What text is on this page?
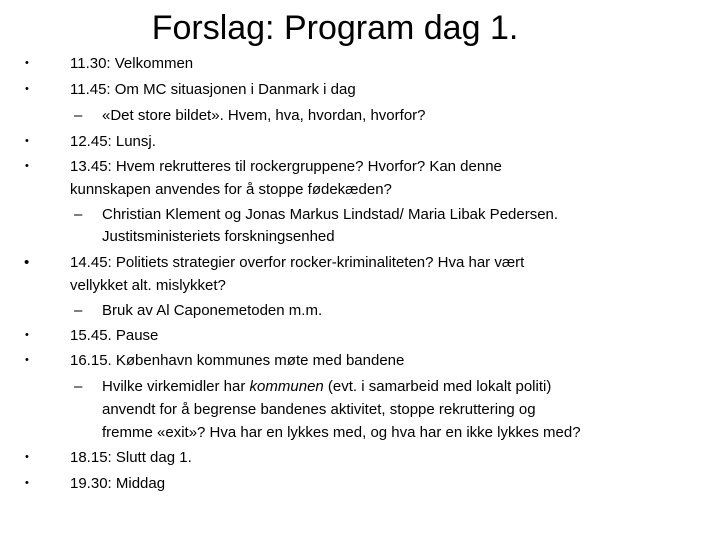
Forslag: Program dag 1.
•	11.30: Velkommen
•	11.45: Om MC situasjonen i Danmark i dag
– «Det store bildet». Hvem, hva, hvordan, hvorfor?
•	12.45: Lunsj.
•	13.45: Hvem rekrutteres til rockergruppene? Hvorfor? Kan denne
kunnskapen anvendes for å stoppe fødekæden?
– Christian Klement og Jonas Markus Lindstad/ Maria Libak Pedersen.
Justitsministeriets forskningsenhed
•	14.45: Politiets strategier overfor rocker-kriminaliteten? Hva har vært
vellykket alt. mislykket?
– Bruk av Al Caponemetoden m.m.
•	15.45. Pause
•	16.15. København kommunes møte med bandene
– Hvilke virkemidler har kommunen (evt. i samarbeid med lokalt politi)
anvendt for å begrense bandenes aktivitet, stoppe rekruttering og
fremme «exit»? Hva har en lykkes med, og hva har en ikke lykkes med?
•	18.15: Slutt dag 1.
•	19.30: Middag
